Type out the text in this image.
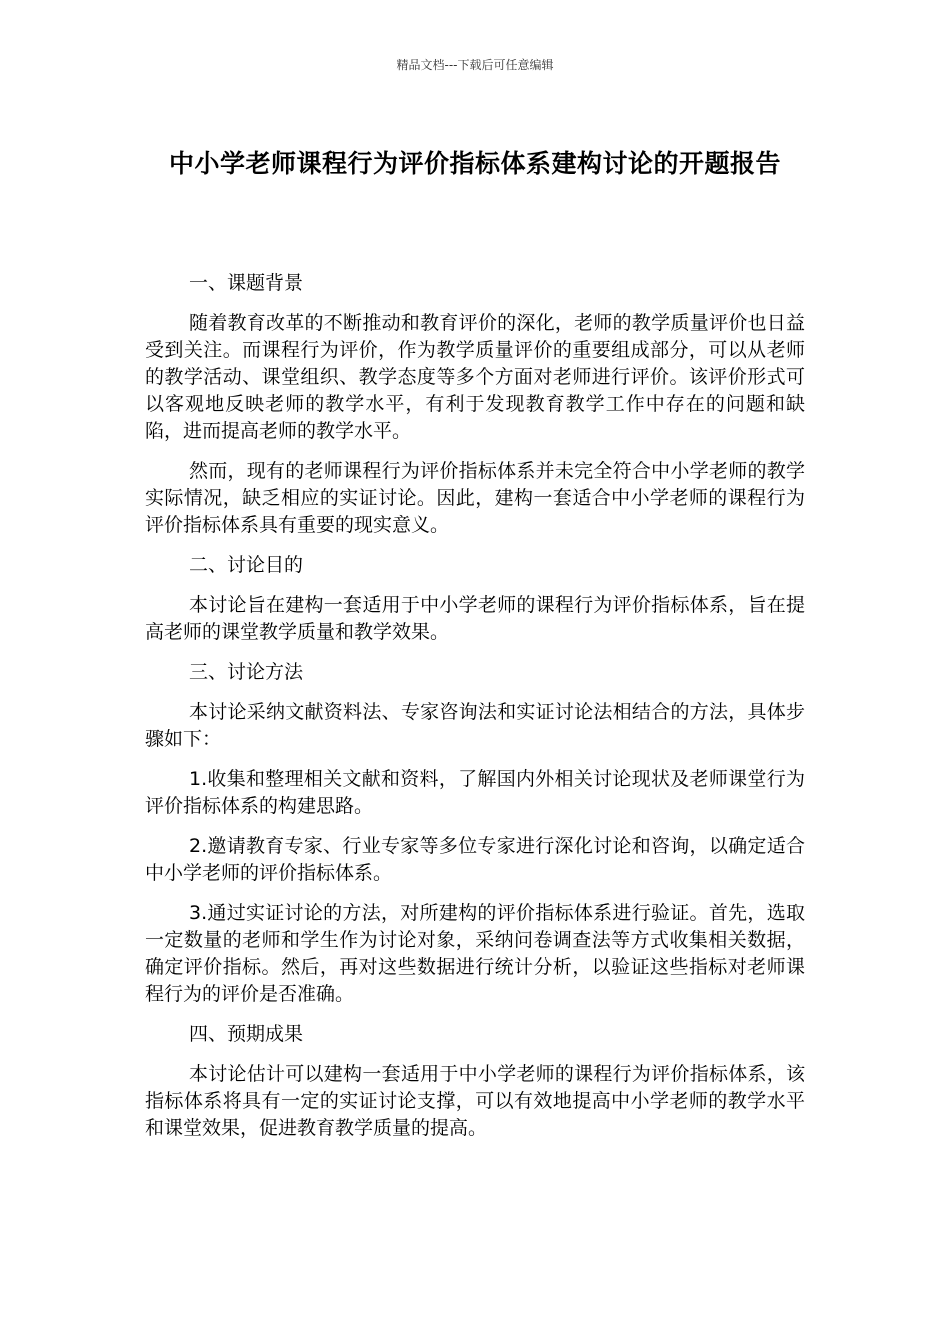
精品文档---下载后可任意编辑
中小学老师课程行为评价指标体系建构讨论的开题报告
一、课题背景
随着教育改革的不断推动和教育评价的深化，老师的教学质量评价也日益受到关注。而课程行为评价，作为教学质量评价的重要组成部分，可以从老师的教学活动、课堂组织、教学态度等多个方面对老师进行评价。该评价形式可以客观地反映老师的教学水平，有利于发现教育教学工作中存在的问题和缺陷，进而提高老师的教学水平。
然而，现有的老师课程行为评价指标体系并未完全符合中小学老师的教学实际情况，缺乏相应的实证讨论。因此，建构一套适合中小学老师的课程行为评价指标体系具有重要的现实意义。
二、讨论目的
本讨论旨在建构一套适用于中小学老师的课程行为评价指标体系，旨在提高老师的课堂教学质量和教学效果。
三、讨论方法
本讨论采纳文献资料法、专家咨询法和实证讨论法相结合的方法，具体步骤如下：
1.收集和整理相关文献和资料，了解国内外相关讨论现状及老师课堂行为评价指标体系的构建思路。
2.邀请教育专家、行业专家等多位专家进行深化讨论和咨询，以确定适合中小学老师的评价指标体系。
3.通过实证讨论的方法，对所建构的评价指标体系进行验证。首先，选取一定数量的老师和学生作为讨论对象，采纳问卷调查法等方式收集相关数据，确定评价指标。然后，再对这些数据进行统计分析，以验证这些指标对老师课程行为的评价是否准确。
四、预期成果
本讨论估计可以建构一套适用于中小学老师的课程行为评价指标体系，该指标体系将具有一定的实证讨论支撑，可以有效地提高中小学老师的教学水平和课堂效果，促进教育教学质量的提高。
